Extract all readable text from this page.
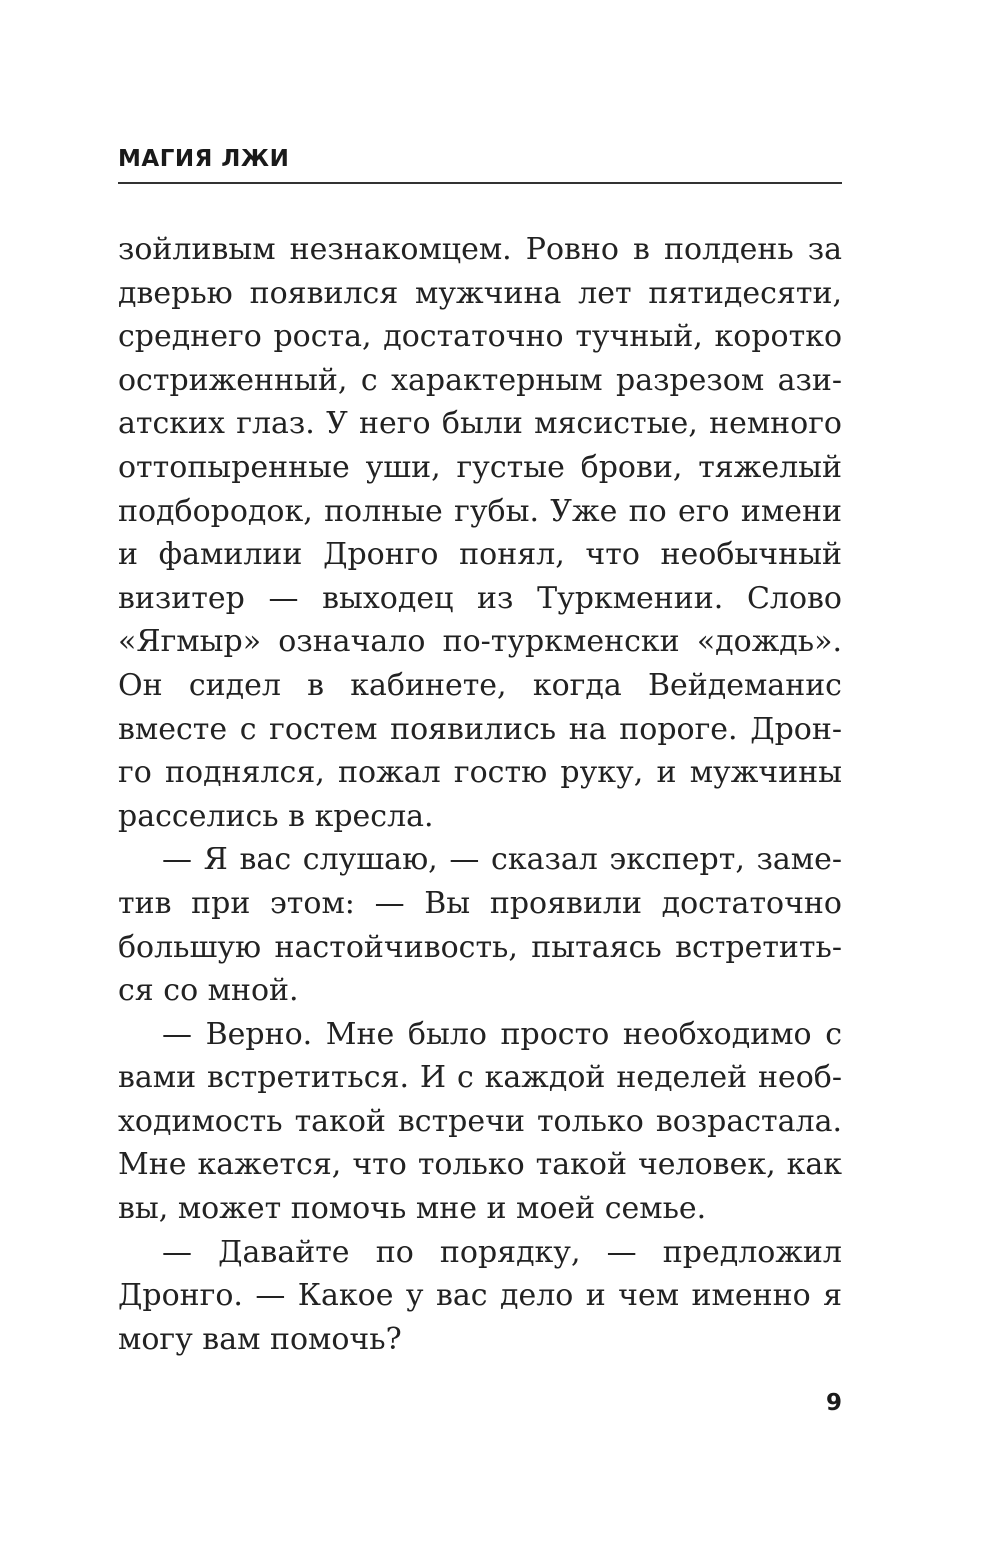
МАГИЯ ЛЖИ
зойливым незнакомцем. Ровно в полдень за
дверью появился мужчина лет пятидесяти,
среднего роста, достаточно тучный, коротко
остриженный, с характерным разрезом ази-
атских глаз. У него были мясистые, немного
оттопыренные уши, густые брови, тяжелый
подбородок, полные губы. Уже по его имени
и фамилии Дронго понял, что необычный
визитер — выходец из Туркмении. Слово
«Ягмыр» означало по-туркменски «дождь».
Он сидел в кабинете, когда Вейдеманис
вместе с гостем появились на пороге. Дрон-
го поднялся, пожал гостю руку, и мужчины
расселись в кресла.
— Я вас слушаю, — сказал эксперт, заме-
тив при этом: — Вы проявили достаточно
большую настойчивость, пытаясь встретить-
ся со мной.
— Верно. Мне было просто необходимо с
вами встретиться. И с каждой неделей необ-
ходимость такой встречи только возрастала.
Мне кажется, что только такой человек, как
вы, может помочь мне и моей семье.
— Давайте по порядку, — предложил
Дронго. — Какое у вас дело и чем именно я
могу вам помочь?
9
